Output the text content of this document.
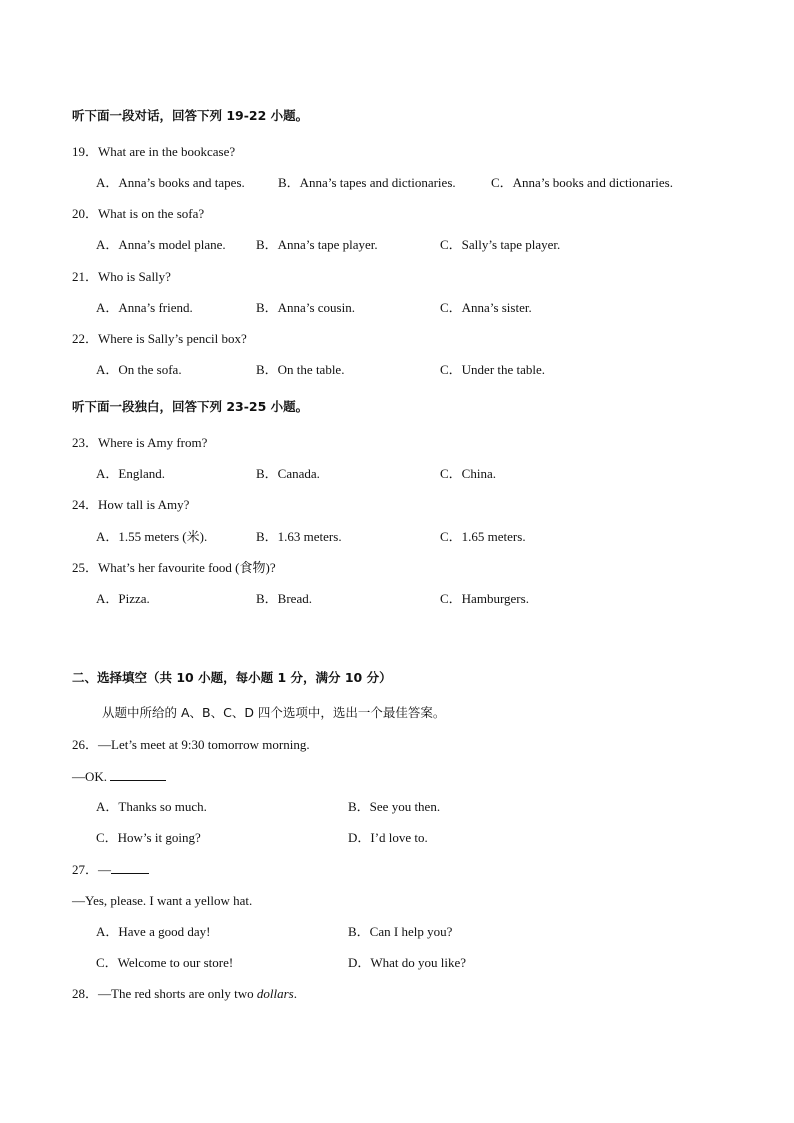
听下面一段对话，回答下列 19-22 小题。
19．What are in the bookcase?

A．Anna’s books and tapes.

	B．Anna’s tapes and dictionaries.

	C．Anna’s books and dictionaries.

20．What is on the sofa?

A．Anna’s model plane.

B．Anna’s tape player.

	C．Sally’s tape player.

21．Who is Sally?

A．Anna’s friend.

	B．Anna’s cousin.

	C．Anna’s sister.

22．Where is Sally’s pencil box?

A．On the sofa.

	B．On the table.

	C．Under the table.

听下面一段独白，回答下列 23-25 小题。
23．Where is Amy from?

A．England.

	B．Canada.

	C．China.

24．How tall is Amy?

A．1.55 meters (米).

	B．1.63 meters.

	C．1.65 meters.

25．What’s her favourite food (食物)?

A．Pizza.

	B．Bread.

	C．Hamburgers.

二、选择填空（共 10 小题，每小题 1 分，满分 10 分）
从题中所给的 A、B、C、D 四个选项中，选出一个最佳答案。
26．—Let’s meet at 9:30 tomorrow morning.
—OK.

A．Thanks so much.

	B．See you then.

C．How’s it going?

	D．I’d love to.

27．—
—Yes, please. I want a yellow hat.

A．Have a good day!

	B．Can I help you?

C．Welcome to our store!

	D．What do you like?

28．—The red shorts are only two dollars.
